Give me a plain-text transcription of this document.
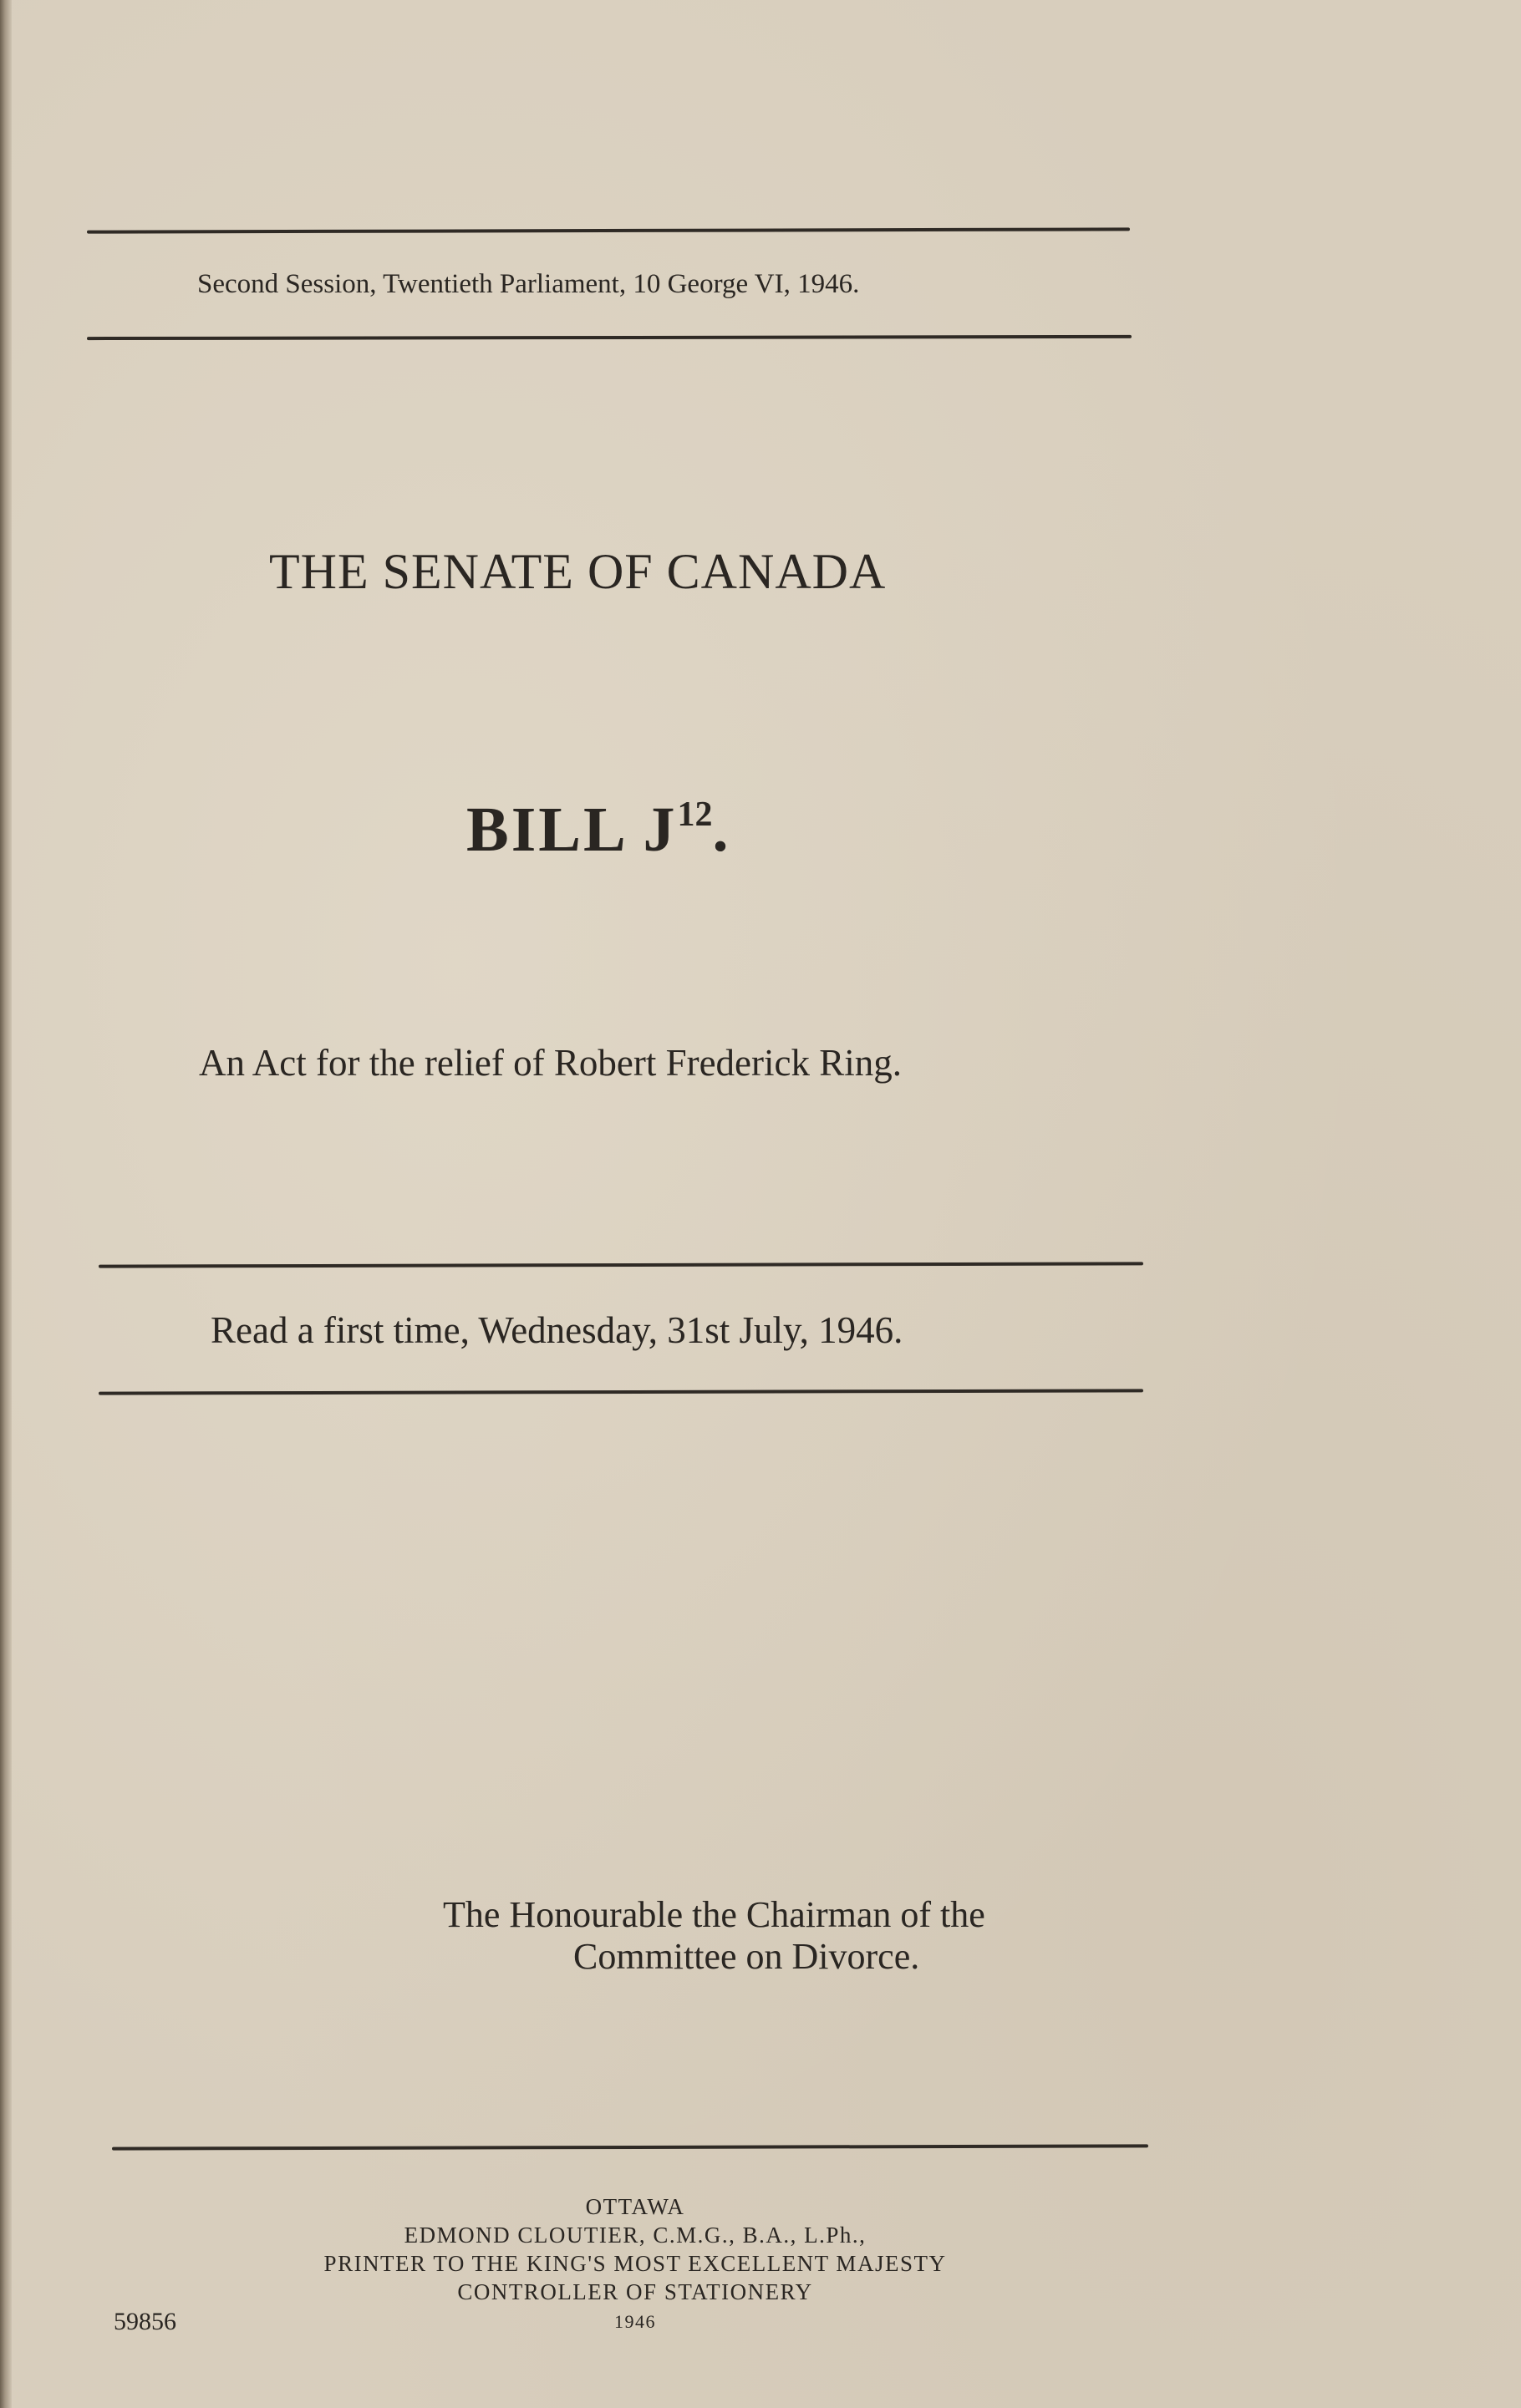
Second Session, Twentieth Parliament, 10 George VI, 1946.
THE SENATE OF CANADA
BILL $J^{12}$.
An Act for the relief of Robert Frederick Ring.
Read a first time, Wednesday, 31st July, 1946.
The Honourable the Chairman of the
Committee on Divorce.
OTTAWA
EDMOND CLOUTIER, C.M.G., B.A., L.Ph.,
PRINTER TO THE KING'S MOST EXCELLENT MAJESTY
CONTROLLER OF STATIONERY
1946
59856
